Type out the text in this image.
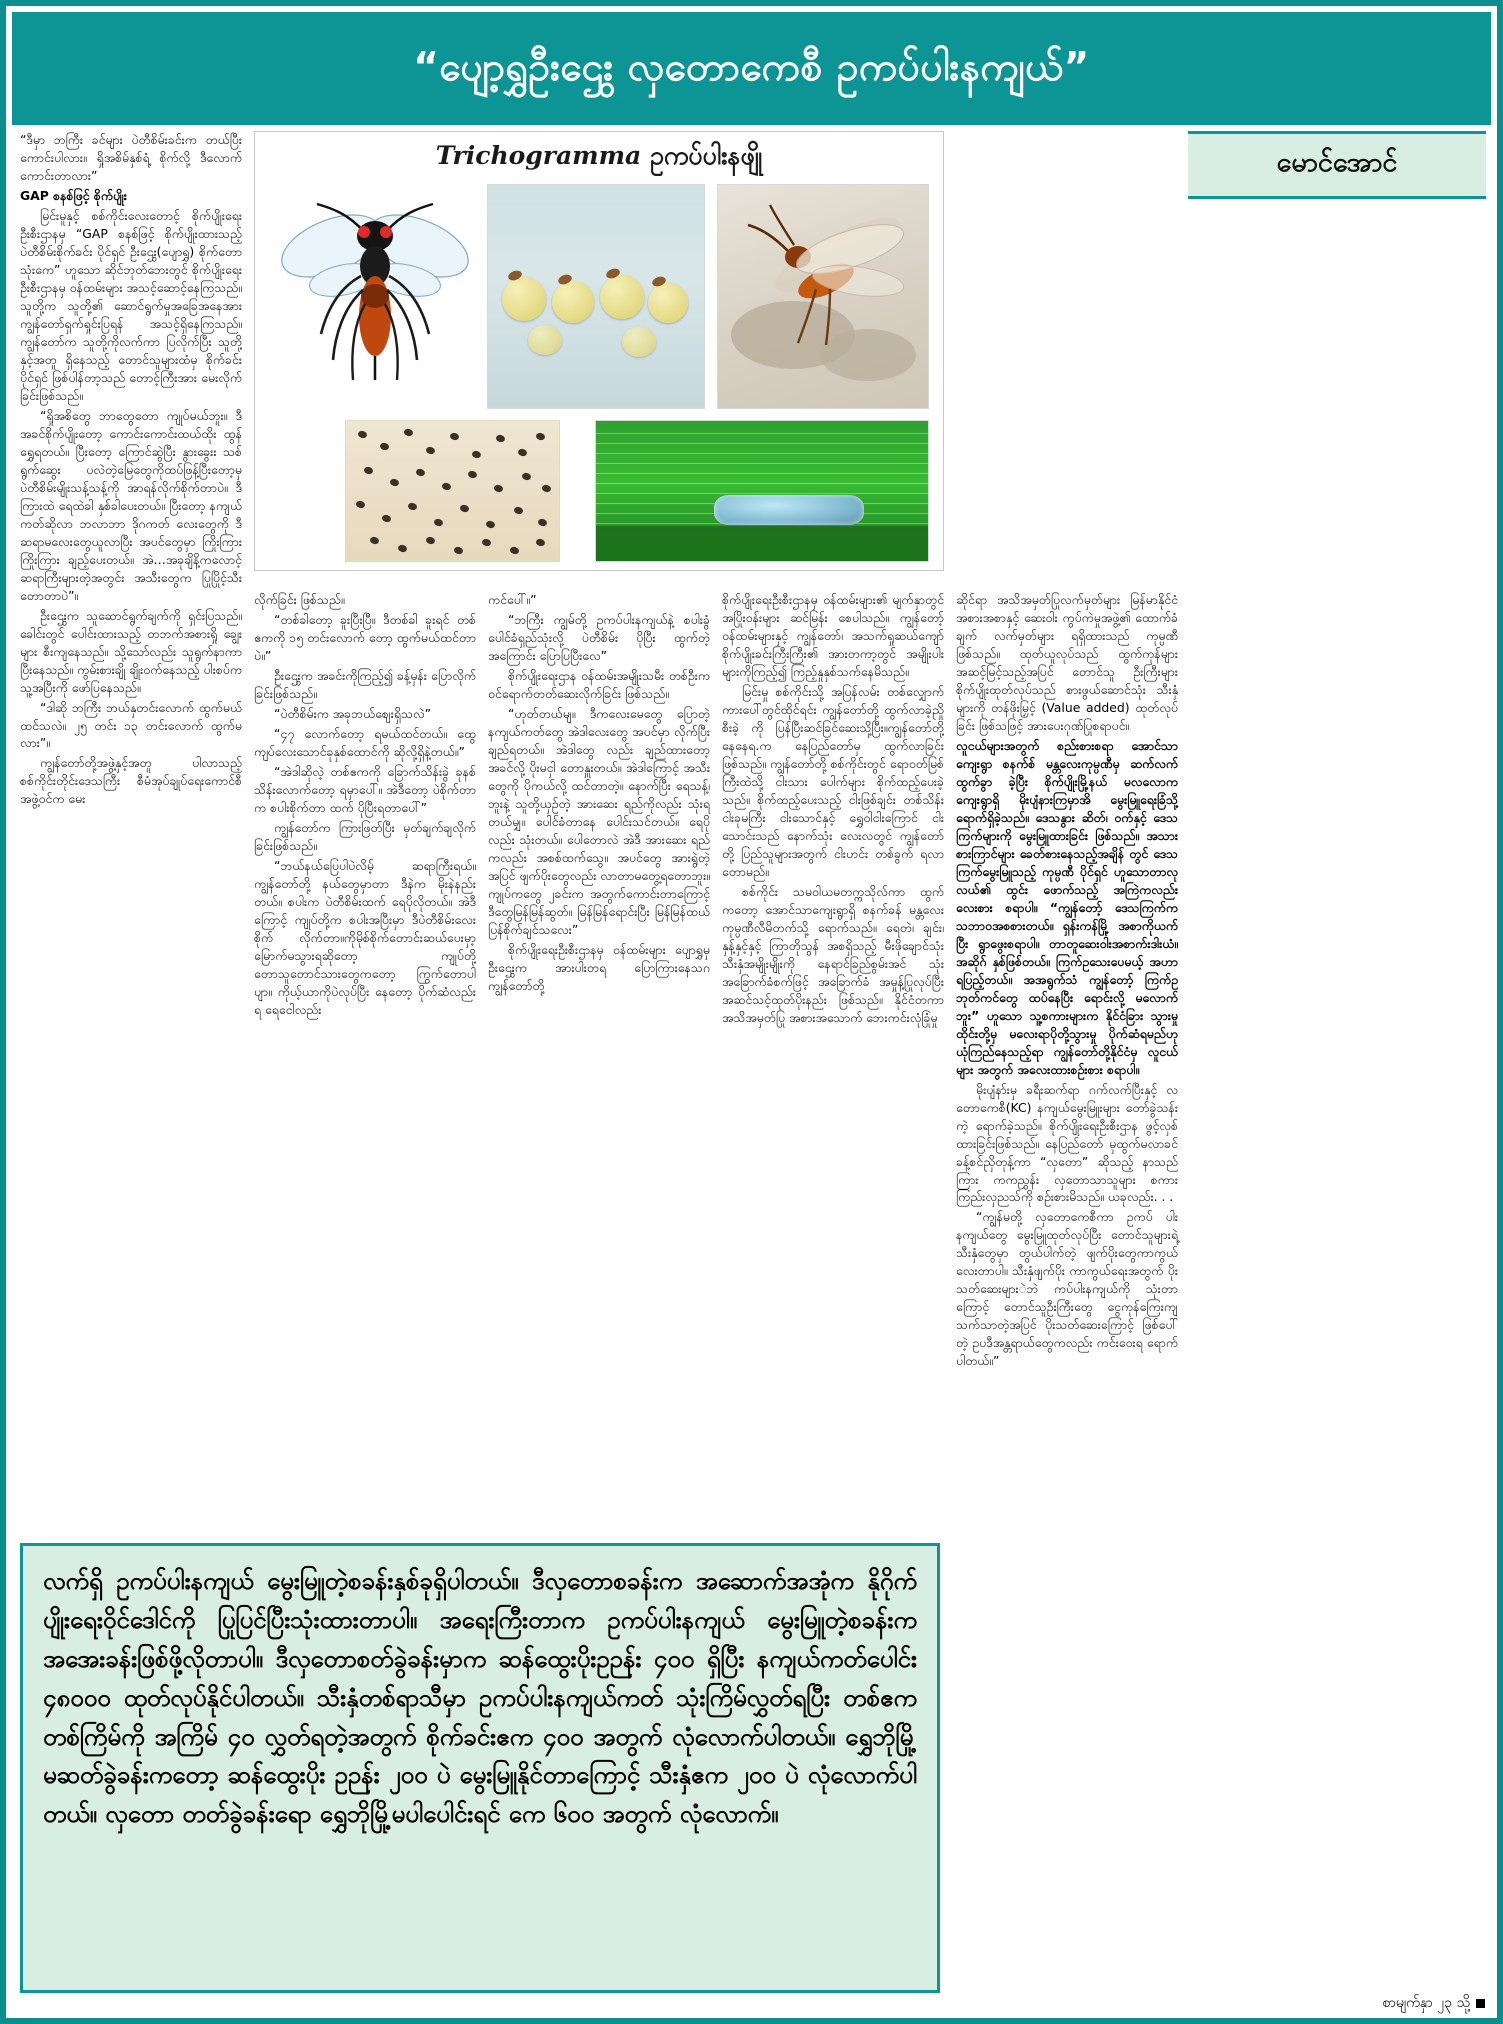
“ပျော့ရွှဦးဌွေး လှတောကေစီ ဥကပ်ပါးနကျယ်”
Trichogramma ဥကပ်ပါးနဖျို	မောင်အောင်

“ဒီမှာ ဘကြီး ခင်များ ပဲတီစိမ်းခင်းက တယ်ပြီးကောင်းပါလား။ ရှိုအစိမ်နှစ်ရံ့ စိုက်လို့ ဒီလောက်ကောင်းတာလား”

GAP စနစ်ဖြင့် စိုက်ပျိုး

မြင်းမူနှင့် စစ်ကိုင်းလေးတောင့် စိုက်ပျိုးရေးဦးစီးဌာနမှ “GAP စနစ်ဖြင့် စိုက်ပျိုးထားသည့် ပဲတီစိမ်းစိုက်ခင်း ပိုင်ရှင် ဦးဌွေး(ပျောရွှ) စိုက်တောသုံးကေ” ဟူသော ဆိုင်ဘုတ်ဘေးတွင် စိုက်ပျိုးရေးဦးစီးဌာနမှ ဝန်ထမ်းများ အသင့်ဆောင့်နေကြသည်။ သူတို့က သူတို့၏ ဆောင်ရွက်မှုအခြေအနေအား ကျွန်တော်ရှက်ရှုင်းပြရန် အသင့်ရှိနေကြသည်။ ကျွန်တော်က သူတို့ကိုလက်ကာ ပြလိုက်ပြီး သူတို့နှင့်အတူ ရှိနေသည့် တောင်သူများထံမှ စိုက်ခင်းပိုင်ရှင် ဖြစ်ပါန်တာ့သည် တောင့်ကြီးအား မေးလိုက်ခြင်းဖြစ်သည်။

“ရှိုအစိတွေ ဘာတွေတော ကျုပ်မယ်ဘူး။ ဒီအခင်စိုက်ပျိုးတော့ ကောင်းကောင်းထယ်ထိုး ထွန်ရွှေရတယ်။ ပြီးတော့ ကြောင်ဆွဲပြီး နွားခွေးး သစ်ရွက်ဆွေး ပလဲတဲ့မြေတွေကိုထပ်ဖြန့်ပြီးတော့မှ ပဲတီစိမ်းမျိုးသန့်သန့်ကို အာရန်လိုက်စိုက်တာပဲ။ ဒီကြားထဲ ရေထဲခါ နှစ်ခါပေးတယ်။ ပြီးတော့ နကျယ်ကတ်ဆိုလာ ဘလာဘာ ဒိုဂကတ် လေးတွေကို ဒီဆရာမလေးတွေယူလာပြီး အပင်တွေမှာ ကြိုးကြား ကြိုးကြား ချည့်ပေးတယ်။ အဲ…အခုချိနိ့ကလောင့် ဆရာကြီးများတဲ့အတွင်း အသီးတွေက ပြုပြိုင့်သီးတောတာပဲ”။

ဦးဌွေးက သူဆောင်ရွက်ချက်ကို ရှင်းပြသည်။ခေါင်းတွင် ပေါင်းထားသည့် တဘက်အစားရှို ချွေးများ စီးကျနေသည်။ သို့သော်လည်း သူရွက်နာကာ ပြီးနေသည်။ ကွမ်းစားချို ချိုးဝက်နေသည့် ပါးစပ်က သူ့အပြီးကို ဖော်ပြနေသည်။

“ဒါဆို ဘကြီး ဘယ်နှတင်းလောက် ထွက်မယ်ထင်သလဲ။ ၂၅ တင်း ၁၃ တင်းလောက် ထွက်မလား”။

ကျွန်တော်တို့အဖွဲ့နှင့်အတူ ပါလာသည့် စစ်ကိုင်းတိုင်းဒေသကြီး စီမံအုပ်ချုပ်ရေးကောင်စီအဖွဲ့ဝင်က မေး

လိုက်ခြင်း ဖြစ်သည်။

“တစ်ခါတော့ ခူးပြီးပြီ။ ဒီတစ်ခါ ခူးရင် တစ်ဧကကို ၁၅ တင်းလောက် တော့ ထွက်မယ်ထင်တာပဲ။”

ဦးဌွေးက အခင်းကိုကြည့်၍ ခန့်မှန်း ပြောလိုက်ခြင်းဖြစ်သည်။

“ပဲတီစိမ်းက အခုဘယ်စျေးရှိသလဲ”

“၄၇ လောက်တော့ ရမယ်ထင်တယ်။ ထွေကျပ်လေးသောင်ခုနှစ်ထောင်ကို ဆိုလို့ရှိနဲ့တယ်။”

“အဲဒါဆိုလဲ့ တစ်ဧကကို ခြောက်သိန်းခွဲ ခုနစ်သိန်းလောက်တော့ ရမှာပေါ်။ အဲဒီတော့ ပဲစိုက်တာက စပါးစိုက်တာ ထက် ပိုပြီးရတာပေါ်”

ကျွန်တော်က ကြားဖြတ်ပြီး မှတ်ချက်ချလိုက်ခြင်းဖြစ်သည်။

“ဘယ်နယ်ပြေပါပဲလိမ့် ဆရာကြီးရယ်။ ကျွန်တော်တို့ နယ်တွေမှာတာ ဒီနဲက မိုးနဲနည်းတယ်။ စပါးက ပဲတီစိမ်းထက် ရေပိုလိုတယ်။ အဲဒီကြောင့် ကျုပ်တို့က စပါးအပြီးမှာ ဒီပဲတီစိမ်းလေး စိုက် လိုက်တာ။ကိုမိုစ်စိုက်တောင်းဆယ်ပေးမှာ့ မြောက်မသွားရဆိုတော့ ကျုပ်တို့ တောသူတောင်သားတွေကတော့ ကြွက်တောပါပျာ။ ကိုယ့်ယာကိုပဲလုပ်ပြီး နေတော့ ပိုက်ဆံလည်းရ ရေငေါလည်း

ကင်ပေါ်။”

“ဘကြီး ကျွမ်တို့ ဥကပ်ပါးနကျယ်နဲ့ စပါးခွံပေါင်ခံရှည်သုံးလို့ ပဲတီစိမ်း ပိုပြီး ထွက်တဲ့အကြောင်း ပြောပြပြီးလေ”

စိုက်ပျိုးရေးဌာန ဝန်ထမ်းအမျိုးသမီး တစ်ဦးက ဝင်ရောက်တတ်ဆေးလိုက်ခြင်း ဖြစ်သည်။

“ဟုတ်တယ်မျ။ ဒီကလေးမေတွေ ပြောတဲ့ နကျယ်ကတ်တွေ အဲဒါလေးတွေ အပင်မှာ လိုက်ပြီး ချည်ရတယ်။ အဲဒါတွေ လည်း ချည်ထားတော့ အခင်လို့ ပိုးမငှါ တောနှူးတယ်။ အဲဒါကြောင့် အသီးတွေကို ပိုကယ်လို့ ထင်တာတဲ့။ နောက်ပြီး ရေသန့်၊ဘူးနဲ့ သူတို့ယှဉ်တဲ့ အားဆေး ရည်ကိုလည်း သုံးရတယ်မျှ။ ပေါင်ခံတာနေ ပေါင်းသင်တယ်။ ရေပိုလည်း သုံးတယ်။ ပေါတောလဲ အဲဒီ အားဆေး ရည်ကလည်း အစစ်ထက်သွေ။ အပင်တွေ အားရွဲတဲ့အပြင် ဖျက်ပိုးတွေလည်း လာတာမတွေ့ရတောဘူး။ကျုပ်ကတွေ ၂ခင်းက အတွက်ကောင်းတာကြောင့် ဒီတွေမြန်မြန်ဆွတ်။ မြန်မြန်ရောင်းပြီး မြန်မြန်ထယ်ပြန်စိုက်ချင်သလေး”

စိုက်ပျိုးရေးဦးစီးဌာနမှ ဝန်ထမ်းများ ပျောရွှမှ ဦးဌွေးက အားပါးတရ ပြောကြားနေသဂ ကျွန်တော်တို့

စိုက်ပျိုးရေးဦးစီးဌာနမှ ဝန်ထမ်းများ၏ မျက်နှာတွင် အပြိုးဝန်းများ ဆင်မြန်း စေပါသည်။ ကျွန်တော့်ဝန်ထမ်းများနှင့် ကျွန်တော်၊ အသက်ရှုဆယ်ကျော် စိုက်ပျိုးခင်းကြီးကြီး၏ အားတကာ့တွင် အမျိုးပါးများကိုကြည့်၍ ကြည့်နှုနှစ်သက်နေမိသည်။

မြင်းမှု စစ်ကိုင်းသို့ အပြန်လမ်း တစ်လျှောက် ကားပေါ်တွင်ထိုင်ရင်း ကျွန်တော်တို့ ထွက်လာခဲ့ညှိုစီးခဲ့ ကို ပြန်ပြီးဆင်ခြင်ဆေးသို့ပြီး။ကျွန်တော်တို့ နေနေရ.က နေပြည်တော်မှ ထွက်လာခြင်းဖြစ်သည်။ ကျွန်တော်တို့ စစ်ကိုင်းတွင် ရောဝတ်မြစ်ကြီးထဲသို့ ငါးသား ပေါက်များ စိုက်ထည့်ပေးခဲ့သည်။ စိုက်ထည့်ပေးသည့် ငါးဖြစ်ချင်း တစ်သိန်း ငါးခုမကြီး ငါးသောင်နှင့် ရွှေဝါငါးကြောင် ငါးသောင်းသည် နောက်သုံး လေးလတွင် ကျွန်တော်တို့ ပြည်သူများအတွက် ငါးဟင်း တစ်ခွက် ရလာတောမည်။

စစ်ကိုင်း သမဝါယမတက္ကသိုလ်ကာ ထွက်ကတော့ အောင်သာကျေးရွာရှိ စနက်ခန် မန္တလေးကုမ္ပဏီလီမိတက်သို့ ရောက်သည်။ ရေတဲ၊ ချင်း၊ နှန့်နှင့်နှင့် ကြာတိုသွန် အစရှိသည့် မီးဖိုချောင်သုံး သီးနှံအမျိုးမျိုးကို နေရာင်ခြည်စွမ်းအင် သုံး အခြောက်ခံစက်ဖြင့် အခြောက်ခံ အမှုန့်ပြုလုပ်ပြီး အဆင်သင့်ထုတ်ပိုးနည်း ဖြစ်သည်။ နိုင်ငံတကာအသိအမှတ်ပြု အစားအသောက် ဘေးကင်းလုံခြုံမှု

ဆိုင်ရာ အသိအမှတ်ပြုလက်မှတ်များ မြန်မာနိုင်ငံ အစားအစာနှင့် ဆေးဝါး ကွပ်ကဲမှုအဖွဲ့၏ ထောက်ခံချက် လက်မှတ်များ ရရှိထားသည် ကုမ္ပဏီ ဖြစ်သည်။ ထုတ်ယူလုပ်သည် ထွက်ကုန်များ အဆင့်မြင့်သည့်အပြင် တောင်သူ ဦးကြီးများ စိုက်ပျိုးထုတ်လုပ်သည် စားဖွယ်ဆောင်သုံး သီးနှံများကို တန်ဖိုးမြှင့် (Value added) ထုတ်လုပ်ခြင်း ဖြစ်သဖြင့် အားပေးဂုဏ်ပြုစရာပင်။

လူငယ်များအတွက် စည်းစားစရာ အောင်သာကျေးရွာ စနက်စ် မန္တလေးကုမ္ပဏီမှ ဆက်လက်ထွက်ခွာ ခဲ့ပြီး စိုက်ပျိုးမြို့နယ် မလလောက ကျေးရွာရှိ မိုးပျံနားကြမှာအိ မွေးမြူရေးခြံသို့ ရောက်ရှိခဲ့သည်။ ဒေသနွား ဆိတ်၊ ဝက်နှင့် ဒေသကြက်များကို မွေးမြူထားခြင်း ဖြစ်သည်။ အသား စားကြာင်များ ခေတ်စားနေသည့်အချိန် တွင် ဒေသကြက်မွေးမြူသည့် ကုမ္ပဏီ ပိုင်ရှင် ဟူသောတာလုလယ်၏ ထွင်း ဖောက်သည့် အကြဲကလည်း လေးစား စရာပါ။ “ကျွန်တော့် ဒေသကြက်က သဘာဝအစစားတယ်။ ရှန်းကန်မြို့ အစာကိုယက်ပြီး ရွာဖွေးစရာပါ။ တာတူဆေးဝါးအစာက်းဒါးယံ။ အဆိုဂ် နှစ်ဖြစ်တယ်။ ကြက်ဥသေးပေမယ့် အဟာရပြည့်တယ်။ အအရွက်သံ ကျွန်တော့် ကြက်ဥဘုတ်ကင်တွေ ထပ်နေပြီး ရောင်းလို့ မလောက်ဘူး” ဟူသော သူ့စကားများက နိုင်ငံခြား သွားမှု ထိုင်းတို့မှ မလေးရာပိုတို့သွားမှု ပိုက်ဆံရမည်ဟု ယုံကြည်နေသည့်ရာ ကျွန်တော်တို့နိုင်ငံမှ လူငယ်များ အတွက် အလေးထားစဉ်းစား စရာပါ။

မိုးပျံနာ်းမှ ခရီးဆက်ရာ ဂက်လက်ပြီးနှင့် လတောကေစီ(KC) နကျယ်မွေးမြူးများ တော်ခွဲသန်းကဲ့ ရောက်ခဲ့သည်။ စိုက်ပျိုးရေးဦးစီးဌာန ဖွင့်လှစ်ထားခြင်းဖြစ်သည်။ နေပြည်တော် မှထွက်မလာခင် ခန့်စင်ညှိတုန့်ကာ “လှတော” ဆိုသည့် နာသည်ကြား ကကညွှန်း လှတောသာသူများ စကား ကြည်းလှညသ်ကို စဉ်းစားမိသည်။ ယခုလည်း. . .

“ကျွန်မတို့ လှတောကေစီကာ ဥကပ် ပါးနကျယ်တွေ မွေးမြူထုတ်လုပ်ပြီး တောင်သူများရဲ့ သီးနှံတွေမှာ တွယ်ပါက်တဲ့ ဖျက်ပိုးတွေကာကွယ်လေးတာပါ။ သီးနှံဖျက်ပိုး ကာကွယ်ရေးအတွက် ပိုးသတ်ဆေးများဲဘဲ ကပ်ပါးနကျယ်ကို သုံးတာကြောင့် တောင်သူဦးကြီးတွေ ငွေကုန်ကြေးကျ သက်သာတဲ့အပြင် ပိုးသတ်ဆေးကြောင့် ဖြစ်ပေါ်တဲ့ ဥပဒီအန္တရာယ်တွေကလည်း ကင်းဝေးရ ရောက်ပါတယ်။”

လက်ရှိ ဥကပ်ပါးနကျယ် မွေးမြူတဲ့စခန်းနှစ်ခုရှိပါတယ်။ ဒီလှတောစခန်းက အဆောက်အအုံက နိုဂိုက်ပျိုးရေးဝိုင်ဒေါင်ကို ပြုပြင်ပြီးသုံးထားတာပါ။ အရေးကြီးတာက ဥကပ်ပါးနကျယ် မွေးမြူတဲ့စခန်းက အအေးခန်းဖြစ်ဖို့လိုတာပါ။ ဒီလှတောစတ်ခွဲခန်းမှာက ဆန်ထွေးပိုးဥဉန်း ၄၀၀ ရှိပြီး နကျယ်ကတ်ပေါင်း ၄၈၀၀၀ ထုတ်လုပ်နိုင်ပါတယ်။ သီးနှံတစ်ရာသီမှာ ဥကပ်ပါးနကျယ်ကတ် သုံးကြိမ်လွှတ်ရပြီး တစ်ဧက တစ်ကြိမ်ကို အကြိမ် ၄၀ လွှတ်ရတဲ့အတွက် စိုက်ခင်းဧက ၄၀၀ အတွက် လုံလောက်ပါတယ်။ ရွှေဘိုမြို့ မဆတ်ခွဲခန်းကတော့ ဆန်ထွေးပိုး ဥဉန်း ၂၀၀ ပဲ မွေးမြူနိုင်တာကြောင့် သီးနှံဧက ၂၀၀ ပဲ လုံလောက်ပါတယ်။ လှတော တတ်ခွဲခန်းရော ရွှေဘိုမြို့မပါပေါင်းရင် ကေ ၆၀၀ အတွက် လုံလောက်။
စာမျက်နှာ ၂၃ သို့
